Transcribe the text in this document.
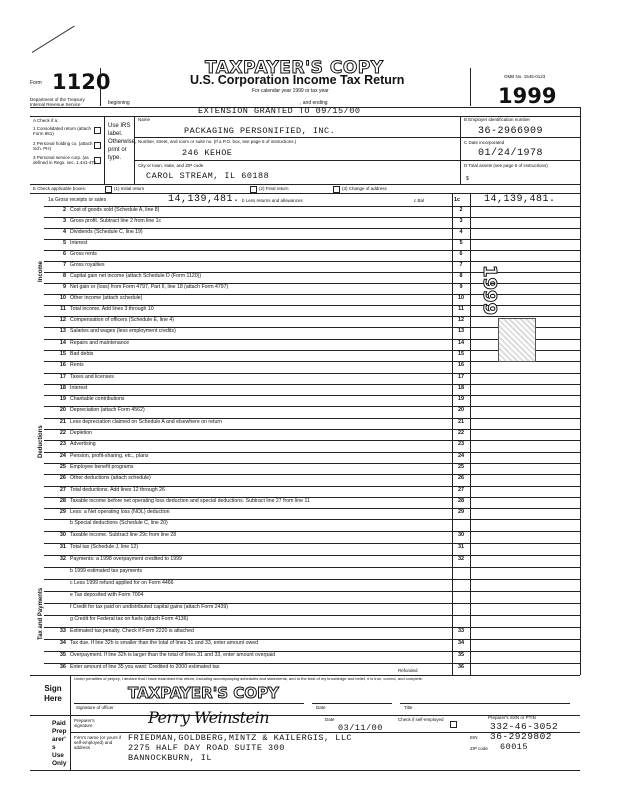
Form 1120
Department of the Treasury Internal Revenue Service
TAXPAYER'S COPY
U.S. Corporation Income Tax Return
For calendar year 1999 or tax year
beginning	, and ending
OMB No. 1545-0123
1999
EXTENSION GRANTED TO 09/15/00
A Check if a:
1 Consolidated return (attach Form 851)
2 Personal holding co. (attach Sch. PH)
3 Personal service corp. (as defined in Regs. sec. 1.441-4T)
Use IRS label. Otherwise, print or type.
Name
PACKAGING PERSONIFIED, INC.
Number, street, and room or suite no. (If a P.O. box, see page 5 of instructions.)
246 KEHOE
City or town, state, and ZIP code
CAROL STREAM, IL 60188
B Employer identification number
36-2966909
C Date incorporated
01/24/1978
D Total assets (see page 5 of instructions)
$
E Check applicable boxes:	(1) Initial return	(2) Final return	(3) Change of address
Income
1a Gross receipts or sales	14,139,481. b Less returns and allowances	c Bal	1c 14,139,481.
2 Cost of goods sold (Schedule A, line 8)	2
3 Gross profit. Subtract line 2 from line 1c	3
4 Dividends (Schedule C, line 19)	4
5 Interest	5
6 Gross rents	6
7 Gross royalties	7
8 Capital gain net income (attach Schedule D (Form 1120))	8
9 Net gain or (loss) from Form 4797, Part II, line 18 (attach Form 4797)	9
10 Other income (attach schedule)	10
11 Total income. Add lines 3 through 10	11
Deductions
12 Compensation of officers (Schedule E, line 4)	12
13 Salaries and wages (less employment credits)	13
14 Repairs and maintenance	14
15 Bad debts	15
16 Rents	16
17 Taxes and licenses	17
18 Interest	18
19 Charitable contributions	19
20 Depreciation (attach Form 4562)	20
21 Less depreciation claimed on Schedule A and elsewhere on return	21
22 Depletion	22
23 Advertising	23
24 Pension, profit-sharing, etc., plans	24
25 Employee benefit programs	25
26 Other deductions (attach schedule)	26
27 Total deductions. Add lines 12 through 26	27
28 Taxable income before net operating loss deduction and special deductions. Subtract line 27 from line 11	28
29 Less: a Net operating loss (NOL) deduction	29
b Special deductions (Schedule C, line 20)
Tax and Payments
30 Taxable income. Subtract line 29c from line 28	30
31 Total tax (Schedule J, line 12)	31
32 Payments: a 1998 overpayment credited to 1999	32
b 1999 estimated tax payments
c Less 1999 refund applied for on Form 4466
e Tax deposited with Form 7004
f Credit for tax paid on undistributed capital gains (attach Form 2439)
g Credit for Federal tax on fuels (attach Form 4136)
33 Estimated tax penalty. Check if Form 2220 is attached	33
34 Tax due. If line 32h is smaller than the total of lines 31 and 33, enter amount owed	34
35 Overpayment. If line 32h is larger than the total of lines 31 and 33, enter amount overpaid	35
36 Enter amount of line 35 you want: Credited to 2000 estimated tax	36
Refunded
1999
Sign Here
Under penalties of perjury, I declare that I have examined this return, including accompanying schedules and statements, and to the best of my knowledge and belief, it is true, correct, and complete.
TAXPAYER'S COPY
Signature of officer	Date	Title
Paid Preparer's Use Only
Preparer's signature	Perry Weinstein	Date
03/11/00
Check if self-employed	Preparer's SSN or PTIN
332-46-3052
Firm's name (or yours if self-employed) and address
FRIEDMAN,GOLDBERG,MINTZ & KAILERGIS, LLC
2275 HALF DAY ROAD SUITE 300
BANNOCKBURN, IL
EIN 36-2929802
ZIP code 60015
